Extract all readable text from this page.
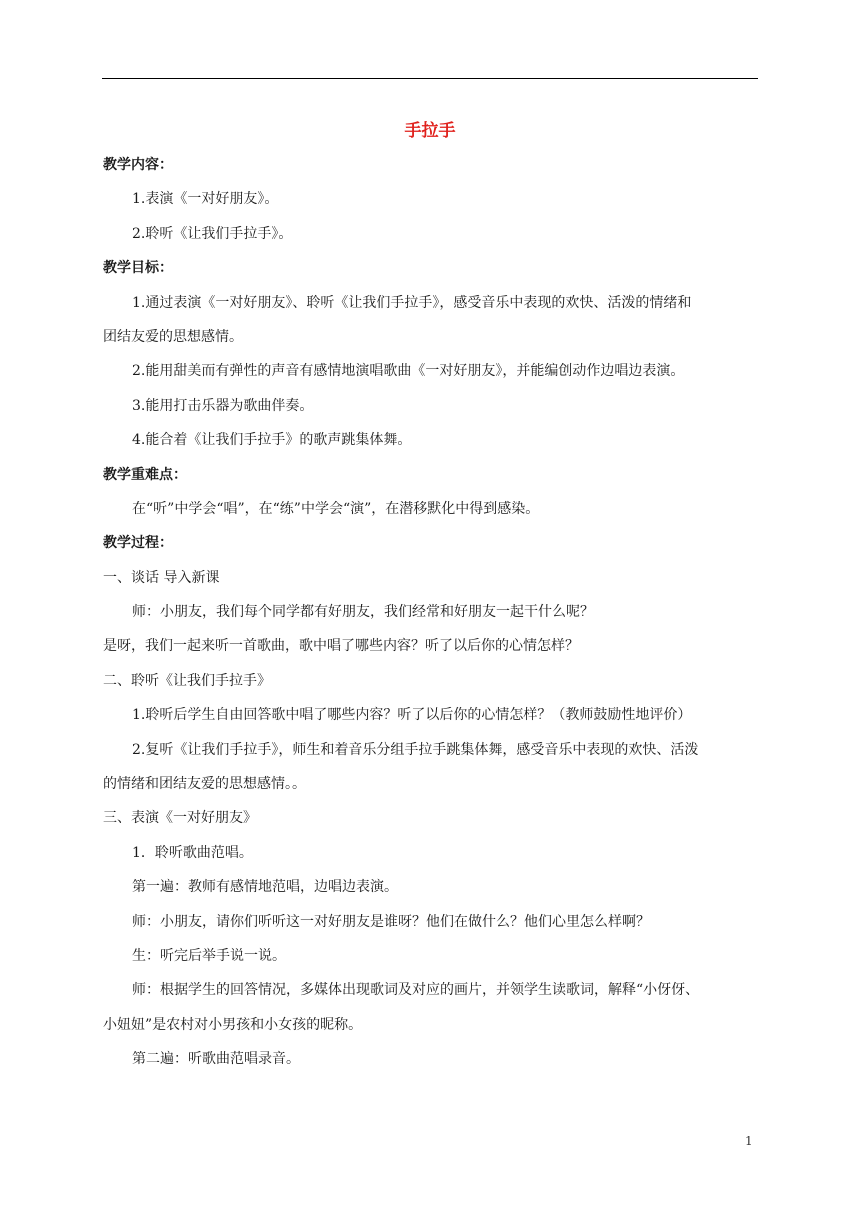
手拉手
教学内容：
1.表演《一对好朋友》。
2.聆听《让我们手拉手》。
教学目标：
1.通过表演《一对好朋友》、聆听《让我们手拉手》，感受音乐中表现的欢快、活泼的情绪和
团结友爱的思想感情。
2.能用甜美而有弹性的声音有感情地演唱歌曲《一对好朋友》，并能编创动作边唱边表演。
3.能用打击乐器为歌曲伴奏。
4.能合着《让我们手拉手》的歌声跳集体舞。
教学重难点：
在“听”中学会“唱”，在“练”中学会“演”，在潜移默化中得到感染。
教学过程：
一、谈话 导入新课
师：小朋友，我们每个同学都有好朋友，我们经常和好朋友一起干什么呢？
是呀，我们一起来听一首歌曲，歌中唱了哪些内容？听了以后你的心情怎样？
二、聆听《让我们手拉手》
1.聆听后学生自由回答歌中唱了哪些内容？听了以后你的心情怎样？（教师鼓励性地评价）
2.复听《让我们手拉手》，师生和着音乐分组手拉手跳集体舞，感受音乐中表现的欢快、活泼
的情绪和团结友爱的思想感情。。
三、表演《一对好朋友》
1．聆听歌曲范唱。
第一遍：教师有感情地范唱，边唱边表演。
师：小朋友，请你们听听这一对好朋友是谁呀？他们在做什么？他们心里怎么样啊？
生：听完后举手说一说。
师：根据学生的回答情况，多媒体出现歌词及对应的画片，并领学生读歌词，解释“小伢伢、
小妞妞”是农村对小男孩和小女孩的昵称。
第二遍：听歌曲范唱录音。
1
